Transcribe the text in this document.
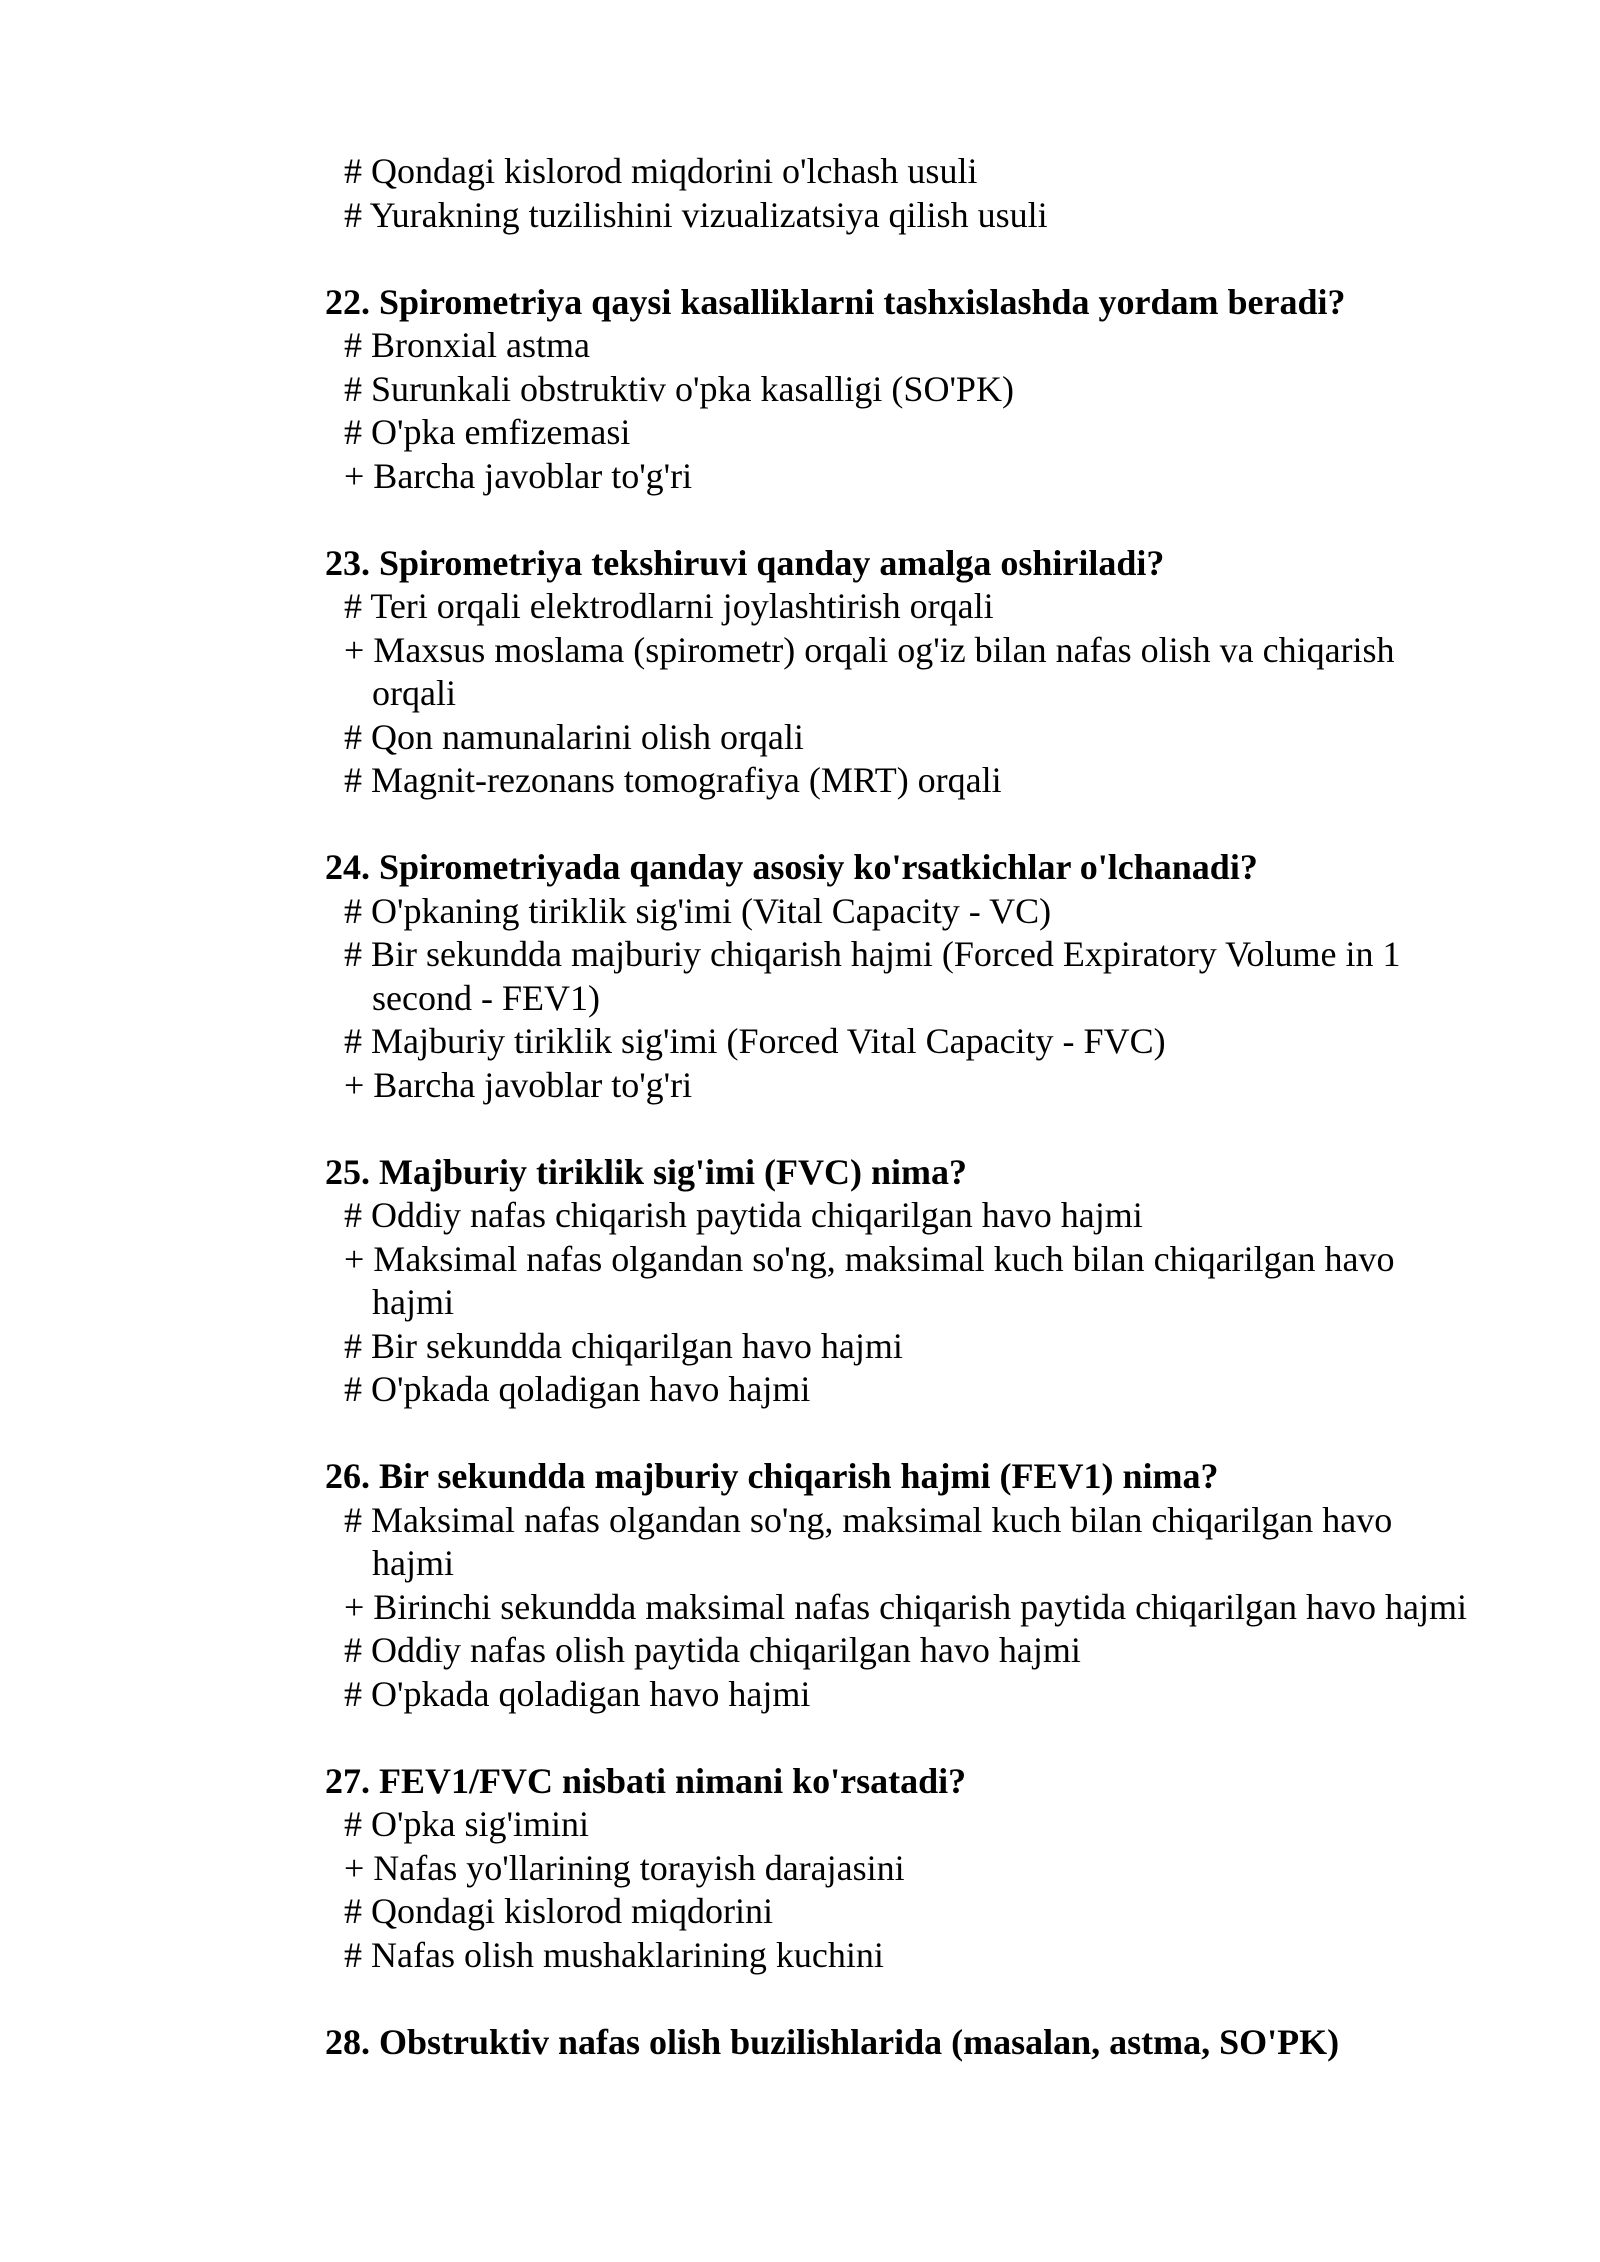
# Qondagi kislorod miqdorini o'lchash usuli

# Yurakning tuzilishini vizualizatsiya qilish usuli

22. Spirometriya qaysi kasalliklarni tashxislashda yordam beradi?

# Bronxial astma

# Surunkali obstruktiv o'pka kasalligi (SO'PK)

# O'pka emfizemasi

+ Barcha javoblar to'g'ri

23. Spirometriya tekshiruvi qanday amalga oshiriladi?

# Teri orqali elektrodlarni joylashtirish orqali

+ Maxsus moslama (spirometr) orqali og'iz bilan nafas olish va chiqarish orqali

# Qon namunalarini olish orqali

# Magnit-rezonans tomografiya (MRT) orqali

24. Spirometriyada qanday asosiy ko'rsatkichlar o'lchanadi?

# O'pkaning tiriklik sig'imi (Vital Capacity - VC)

# Bir sekundda majburiy chiqarish hajmi (Forced Expiratory Volume in 1 second - FEV1)

# Majburiy tiriklik sig'imi (Forced Vital Capacity - FVC)

+ Barcha javoblar to'g'ri

25. Majburiy tiriklik sig'imi (FVC) nima?

# Oddiy nafas chiqarish paytida chiqarilgan havo hajmi

+ Maksimal nafas olgandan so'ng, maksimal kuch bilan chiqarilgan havo hajmi

# Bir sekundda chiqarilgan havo hajmi

# O'pkada qoladigan havo hajmi

26. Bir sekundda majburiy chiqarish hajmi (FEV1) nima?

# Maksimal nafas olgandan so'ng, maksimal kuch bilan chiqarilgan havo hajmi

+ Birinchi sekundda maksimal nafas chiqarish paytida chiqarilgan havo hajmi

# Oddiy nafas olish paytida chiqarilgan havo hajmi

# O'pkada qoladigan havo hajmi

27. FEV1/FVC nisbati nimani ko'rsatadi?

# O'pka sig'imini

+ Nafas yo'llarining torayish darajasini

# Qondagi kislorod miqdorini

# Nafas olish mushaklarining kuchini

28. Obstruktiv nafas olish buzilishlarida (masalan, astma, SO'PK)
